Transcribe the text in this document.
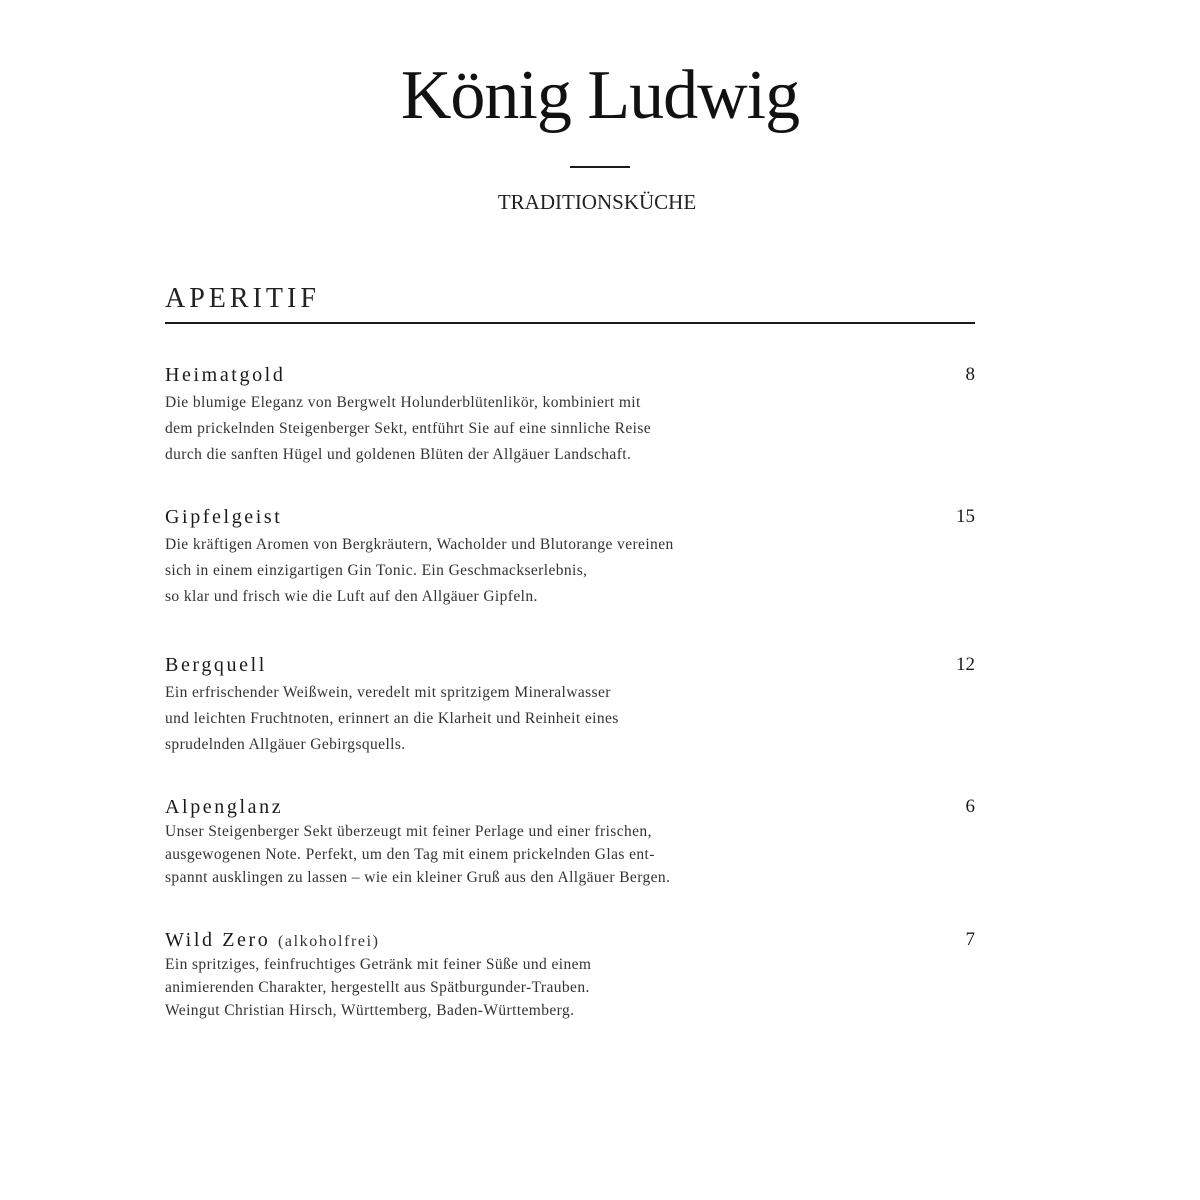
König Ludwig
TRADITIONSKÜCHE
APERITIF
Heimatgold	8
Die blumige Eleganz von Bergwelt Holunderblütenlikör, kombiniert mit
dem prickelnden Steigenberger Sekt, entführt Sie auf eine sinnliche Reise
durch die sanften Hügel und goldenen Blüten der Allgäuer Landschaft.
Gipfelgeist	15
Die kräftigen Aromen von Bergkräutern, Wacholder und Blutorange vereinen
sich in einem einzigartigen Gin Tonic. Ein Geschmackserlebnis,
so klar und frisch wie die Luft auf den Allgäuer Gipfeln.
Bergquell	12
Ein erfrischender Weißwein, veredelt mit spritzigem Mineralwasser
und leichten Fruchtnoten, erinnert an die Klarheit und Reinheit eines
sprudelnden Allgäuer Gebirgsquells.
Alpenglanz	6
Unser Steigenberger Sekt überzeugt mit feiner Perlage und einer frischen,
ausgewogenen Note. Perfekt, um den Tag mit einem prickelnden Glas ent-
spannt ausklingen zu lassen – wie ein kleiner Gruß aus den Allgäuer Bergen.
Wild Zero (alkoholfrei)	7
Ein spritziges, feinfruchtiges Getränk mit feiner Süße und einem
animierenden Charakter, hergestellt aus Spätburgunder-Trauben.
Weingut Christian Hirsch, Württemberg, Baden-Württemberg.
